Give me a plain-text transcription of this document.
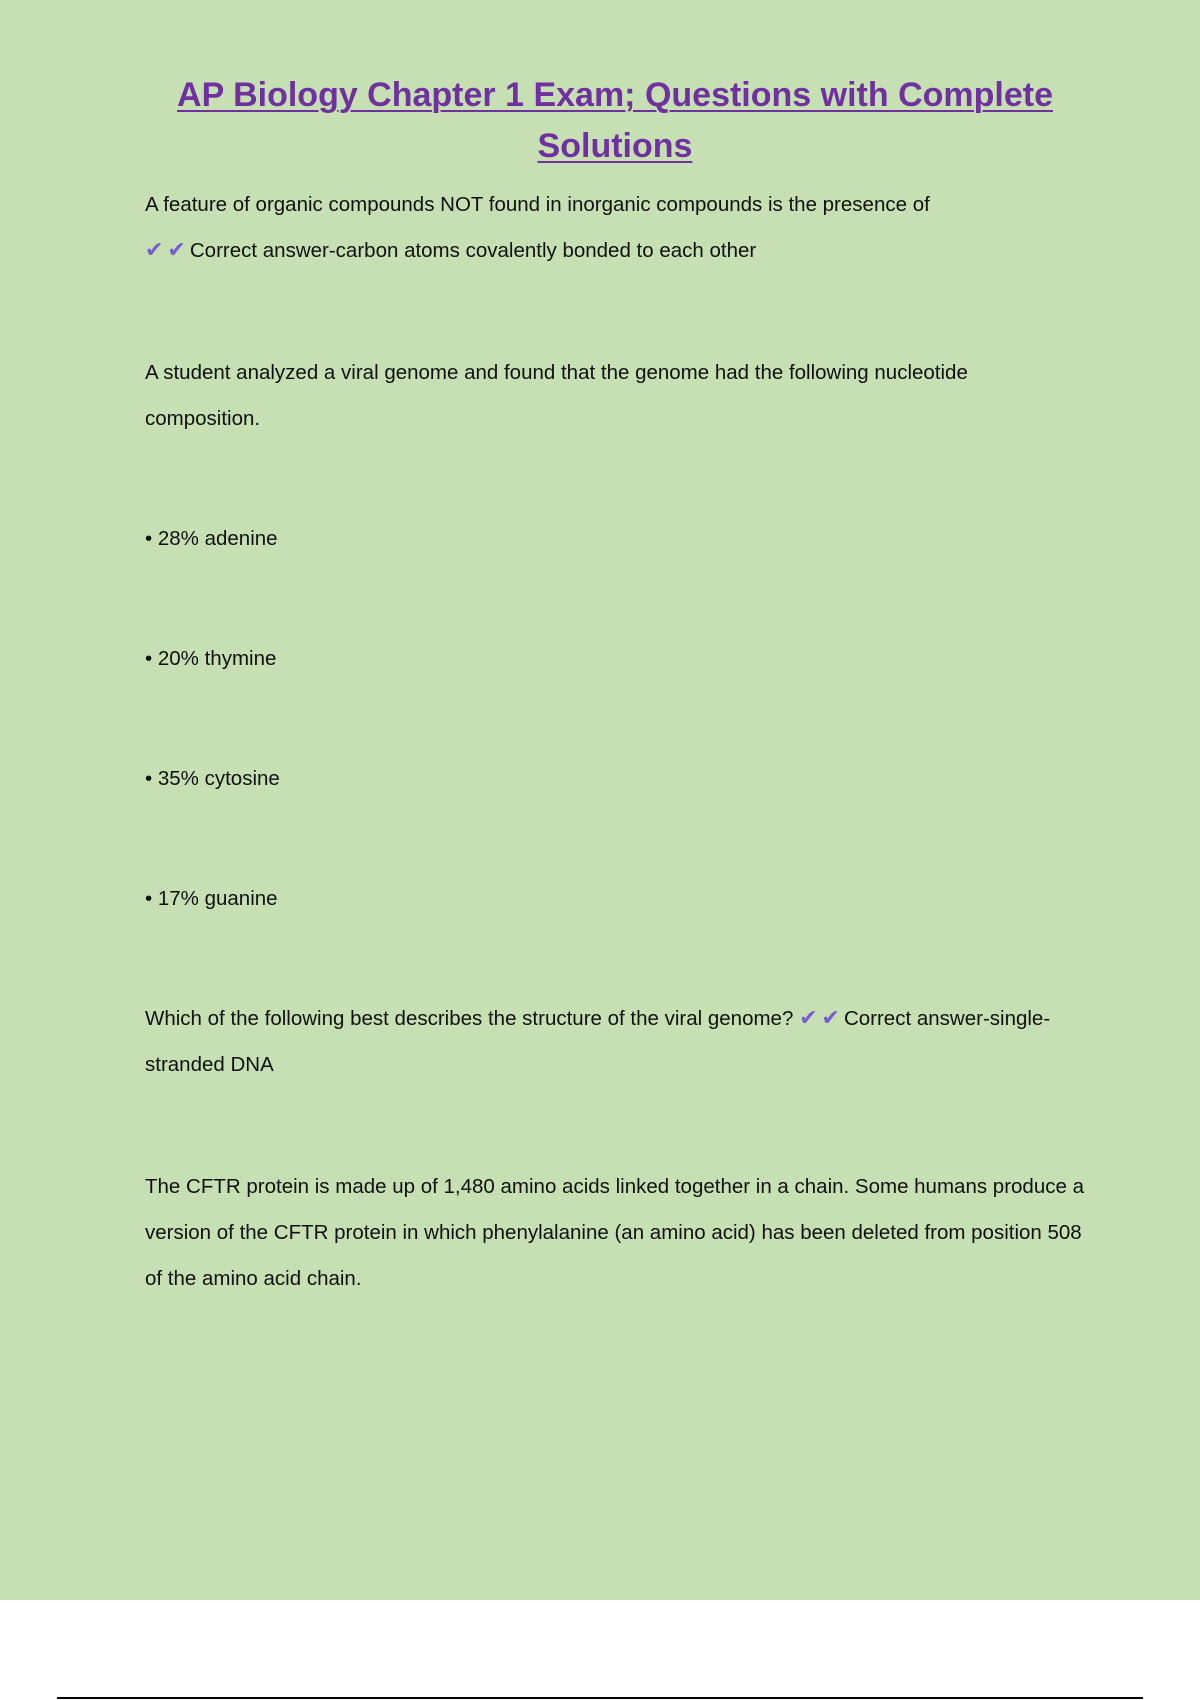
AP Biology Chapter 1 Exam; Questions with Complete Solutions

A feature of organic compounds NOT found in inorganic compounds is the presence of
✔✔Correct answer-carbon atoms covalently bonded to each other

A student analyzed a viral genome and found that the genome had the following nucleotide composition.

• 28% adenine

• 20% thymine

• 35% cytosine

• 17% guanine

Which of the following best describes the structure of the viral genome? ✔✔Correct answer-single-stranded DNA

The CFTR protein is made up of 1,480 amino acids linked together in a chain. Some humans produce a version of the CFTR protein in which phenylalanine (an amino acid) has been deleted from position 508 of the amino acid chain.
